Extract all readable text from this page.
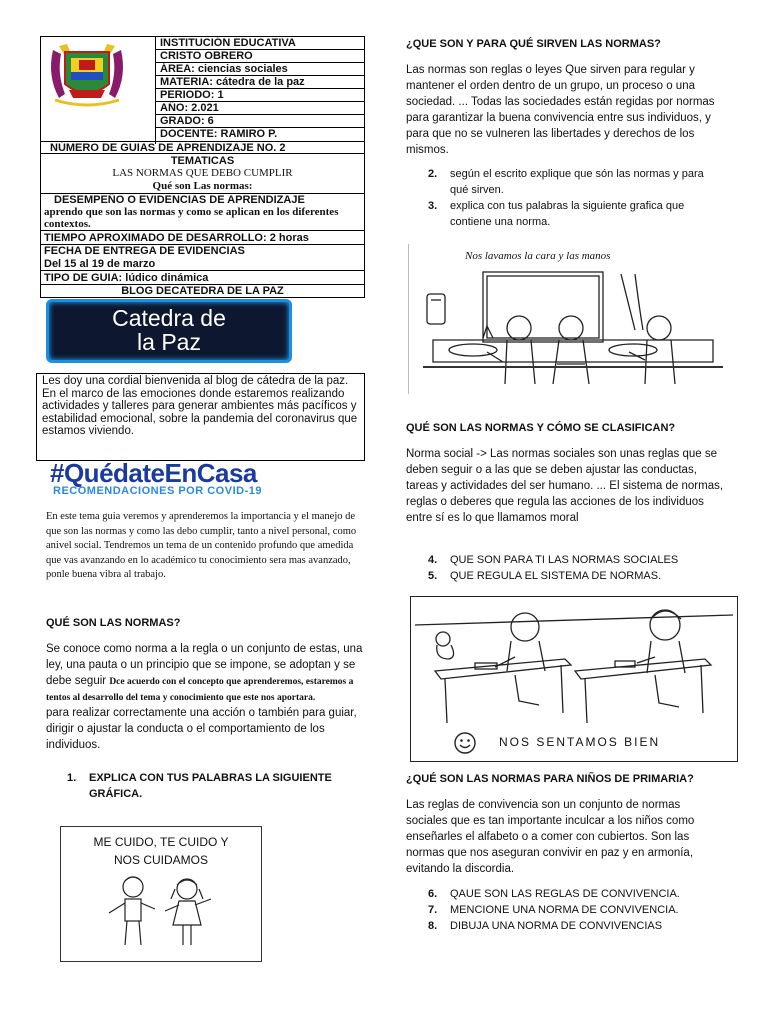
INSTITUCIÓN EDUCATIVA
CRISTO OBRERO
ÁREA: ciencias sociales
MATERIA: cátedra de la paz
PERIODO: 1
AÑO: 2.021
GRADO: 6
DOCENTE: RAMIRO P.
NÚMERO DE GUIAS DE APRENDIZAJE NO. 2
TEMATICAS
LAS NORMAS QUE DEBO CUMPLIR
Qué son Las normas:
DESEMPEÑO O EVIDENCIAS DE APRENDIZAJE
aprendo que son las normas y como se aplican en los diferentes contextos.
TIEMPO APROXIMADO DE DESARROLLO: 2 horas
FECHA DE ENTREGA DE EVIDENCIAS
Del 15 al 19 de marzo
TIPO DE GUIA: lúdico dinámica
BLOG DECATEDRA DE LA PAZ
Catedra de
la Paz
Les doy una cordial bienvenida al blog de cátedra de la paz. En el marco de las emociones donde estaremos realizando actividades y talleres para generar ambientes más pacíficos y estabilidad emocional, sobre la pandemia del coronavirus que estamos viviendo.
#QuédateEnCasa
RECOMENDACIONES POR COVID-19
En este tema guia veremos y aprenderemos la importancia y el manejo de que son las normas y como las debo cumplir, tanto a nivel personal, como anivel social. Tendremos un tema de un contenido profundo que amedida que vas avanzando en lo académico tu conocimiento sera mas avanzado, ponle buena vibra al trabajo.
QUÉ SON LAS NORMAS?
Se conoce como norma a la regla o un conjunto de estas, una ley, una pauta o un principio que se impone, se adoptan y se debe seguir Dce acuerdo con el concepto que aprenderemos, estaremos a tentos al desarrollo del tema y conocimiento que este nos aportara.
para realizar correctamente una acción o también para guiar, dirigir o ajustar la conducta o el comportamiento de los individuos.
1. EXPLICA CON TUS PALABRAS LA SIGUIENTE GRÁFICA.
ME CUIDO, TE CUIDO Y
NOS CUIDAMOS
¿QUE SON Y PARA QUÉ SIRVEN LAS NORMAS?
Las normas son reglas o leyes Que sirven para regular y mantener el orden dentro de un grupo, un proceso o una sociedad. ... Todas las sociedades están regidas por normas para garantizar la buena convivencia entre sus individuos, y para que no se vulneren las libertades y derechos de los mismos.
2. según el escrito explique que són las normas y para qué sirven.
3. explica con tus palabras la siguiente grafica que contiene una norma.
Nos lavamos la cara y las manos
QUÉ SON LAS NORMAS Y CÓMO SE CLASIFICAN?
Norma social -> Las normas sociales son unas reglas que se deben seguir o a las que se deben ajustar las conductas, tareas y actividades del ser humano. ... El sistema de normas, reglas o deberes que regula las acciones de los individuos entre sí es lo que llamamos moral
4. QUE SON PARA TI LAS NORMAS SOCIALES
5. QUE REGULA EL SISTEMA DE NORMAS.
NOS SENTAMOS BIEN
¿QUÉ SON LAS NORMAS PARA NIÑOS DE PRIMARIA?
Las reglas de convivencia son un conjunto de normas sociales que es tan importante inculcar a los niños como enseñarles el alfabeto o a comer con cubiertos. Son las normas que nos aseguran convivir en paz y en armonía, evitando la discordia.
6. QAUE SON LAS REGLAS DE CONVIVENCIA.
7. MENCIONE UNA NORMA DE CONVIVENCIA.
8. DIBUJA UNA NORMA DE CONVIVENCIAS
